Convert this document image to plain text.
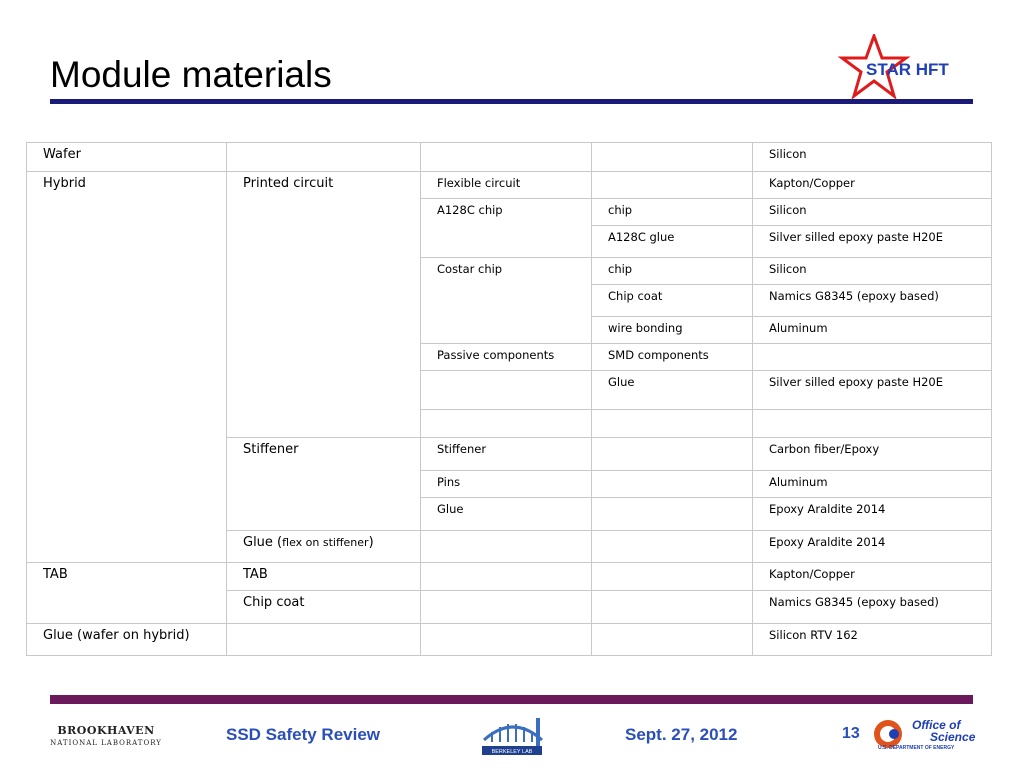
Module materials	STAR HFT
Wafer				Silicon
Hybrid	Printed circuit	Flexible circuit		Kapton/Copper
		A128C chip	chip	Silicon
			A128C glue	Silver silled epoxy paste H20E
		Costar chip	chip	Silicon
			Chip coat	Namics G8345 (epoxy based)
			wire bonding	Aluminum
		Passive components	SMD components	
			Glue	Silver silled epoxy paste H20E

	Stiffener	Stiffener		Carbon fiber/Epoxy
		Pins		Aluminum
		Glue		Epoxy Araldite 2014
	Glue (flex on stiffener)			Epoxy Araldite 2014
TAB	TAB			Kapton/Copper
	Chip coat			Namics G8345 (epoxy based)
Glue (wafer on hybrid)				Silicon RTV 162
BROOKHAVEN
NATIONAL LABORATORY	SSD Safety Review
BERKELEY LAB
Sept. 27, 2012	13	Office of
Science
U.S. DEPARTMENT OF ENERGY
